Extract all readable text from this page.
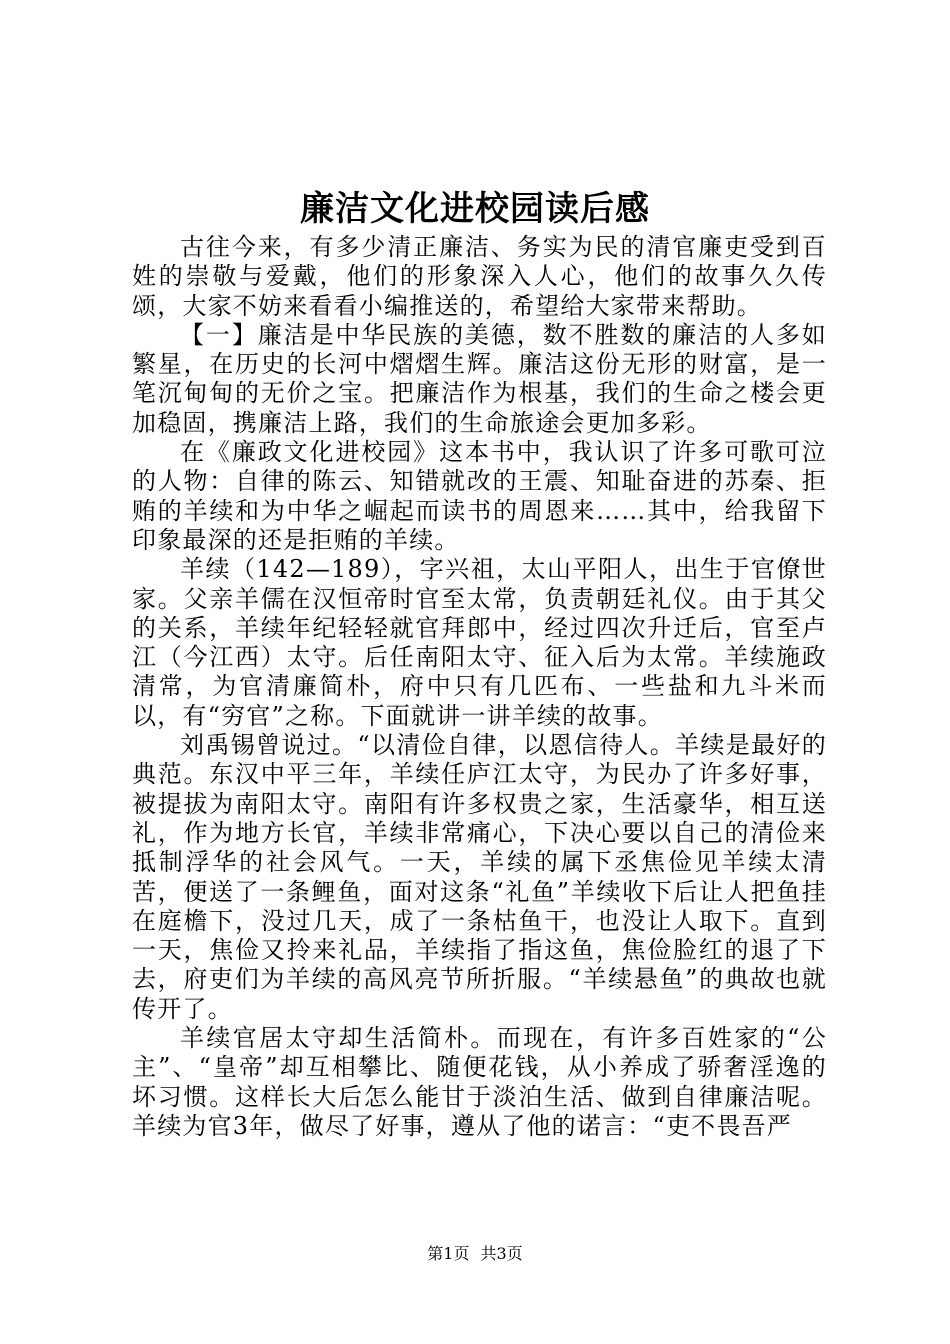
廉洁文化进校园读后感

古往今来，有多少清正廉洁、务实为民的清官廉吏受到百姓的崇敬与爱戴，他们的形象深入人心，他们的故事久久传颂，大家不妨来看看小编推送的，希望给大家带来帮助。

【一】廉洁是中华民族的美德，数不胜数的廉洁的人多如繁星，在历史的长河中熠熠生辉。廉洁这份无形的财富，是一笔沉甸甸的无价之宝。把廉洁作为根基，我们的生命之楼会更加稳固，携廉洁上路，我们的生命旅途会更加多彩。

在《廉政文化进校园》这本书中，我认识了许多可歌可泣的人物：自律的陈云、知错就改的王震、知耻奋进的苏秦、拒贿的羊续和为中华之崛起而读书的周恩来……其中，给我留下印象最深的还是拒贿的羊续。

羊续（142—189），字兴祖，太山平阳人，出生于官僚世家。父亲羊儒在汉恒帝时官至太常，负责朝廷礼仪。由于其父的关系，羊续年纪轻轻就官拜郎中，经过四次升迁后，官至卢江（今江西）太守。后任南阳太守、征入后为太常。羊续施政清常，为官清廉简朴，府中只有几匹布、一些盐和九斗米而以，有“穷官”之称。下面就讲一讲羊续的故事。

刘禹锡曾说过。“以清俭自律，以恩信待人。羊续是最好的典范。东汉中平三年，羊续任庐江太守，为民办了许多好事，被提拔为南阳太守。南阳有许多权贵之家，生活豪华，相互送礼，作为地方长官，羊续非常痛心，下决心要以自己的清俭来抵制浮华的社会风气。一天，羊续的属下丞焦俭见羊续太清苦，便送了一条鲤鱼，面对这条“礼鱼”羊续收下后让人把鱼挂在庭檐下，没过几天，成了一条枯鱼干，也没让人取下。直到一天，焦俭又拎来礼品，羊续指了指这鱼，焦俭脸红的退了下去，府吏们为羊续的高风亮节所折服。“羊续悬鱼”的典故也就传开了。

羊续官居太守却生活简朴。而现在，有许多百姓家的“公主”、“皇帝”却互相攀比、随便花钱，从小养成了骄奢淫逸的坏习惯。这样长大后怎么能甘于淡泊生活、做到自律廉洁呢。羊续为官3年，做尽了好事，遵从了他的诺言：“吏不畏吾严

第1页 共3页
